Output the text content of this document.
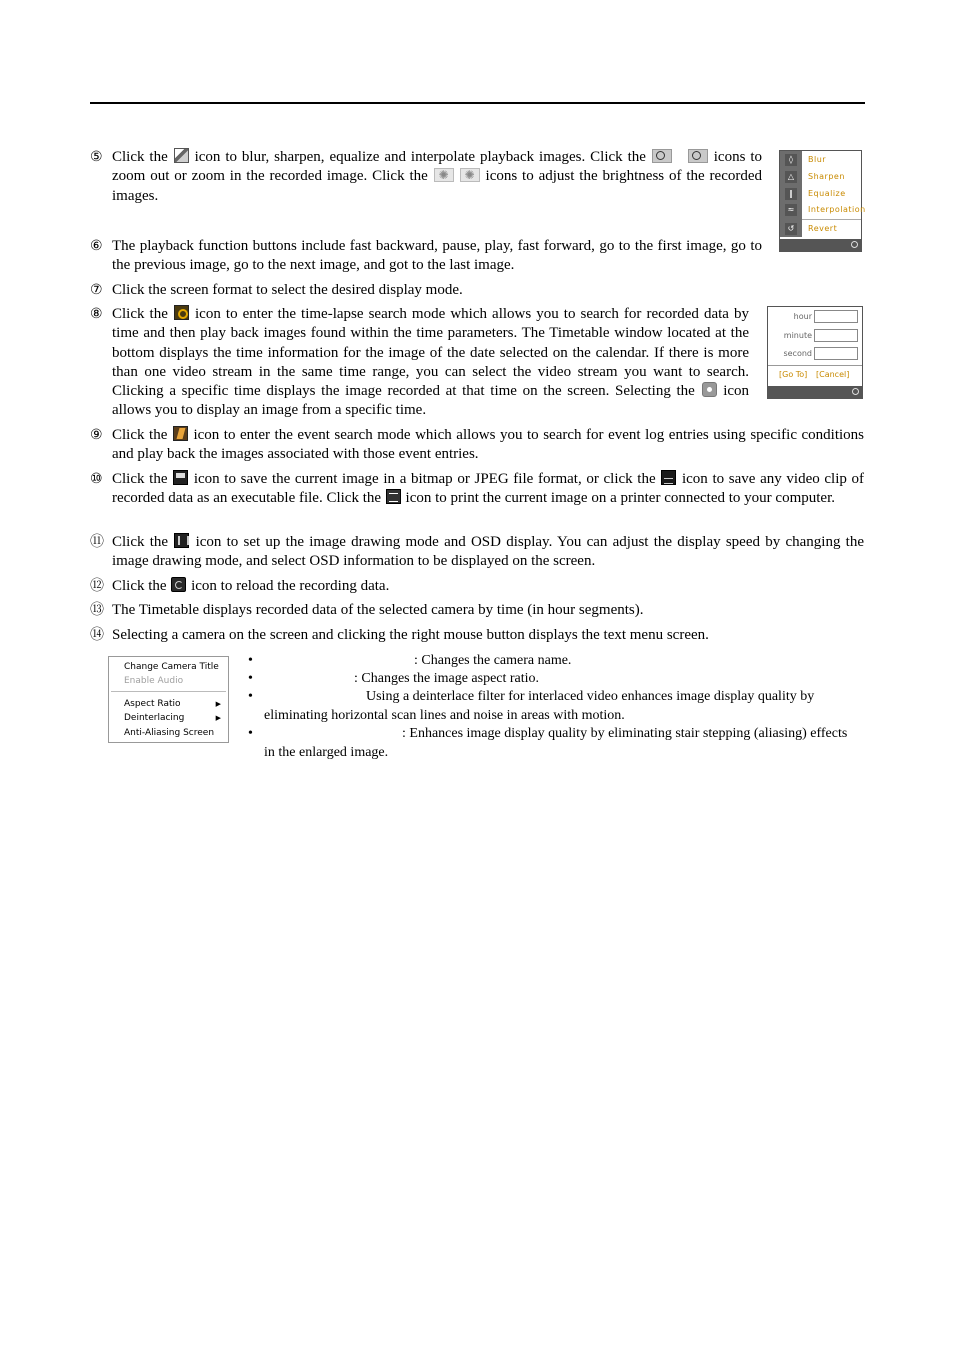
⑤ Click the icon to blur, sharpen, equalize and interpolate playback images. Click the	icons to zoom out or zoom in the recorded image. Click the ✺ ✺	icons to adjust the brightness of the recorded images.
◊	Blur
△	Sharpen
‖	Equalize
≈	Interpolation
↺	Revert
⑥ The playback function buttons include fast backward, pause, play, fast forward, go to the first image, go to the previous image, go to the next image, and got to the last image.
⑦ Click the screen format to select the desired display mode.
⑧ Click the icon to enter the time-lapse search mode which allows you to search for recorded data by time and then play back images found within the time parameters. The Timetable window located at the bottom displays the time information for the image of the date selected on the calendar. If there is more than one video stream in the same time range, you can select the video stream you want to search. Clicking a specific time displays the image recorded at that time on the screen. Selecting the icon allows you to display an image from a specific time.
hour
minute
second
[Go To] [Cancel]
⑨ Click the icon to enter the event search mode which allows you to search for event log entries using specific conditions and play back the images associated with those event entries.
⑩ Click the icon to save the current image in a bitmap or JPEG file format, or click the icon to save any video clip of recorded data as an executable file. Click the icon to print the current image on a printer connected to your computer.
⑪ Click the icon to set up the image drawing mode and OSD display. You can adjust the display speed by changing the image drawing mode, and select OSD information to be displayed on the screen.
⑫ Click the icon to reload the recording data.
⑬ The Timetable displays recorded data of the selected camera by time (in hour segments).
⑭ Selecting a camera on the screen and clicking the right mouse button displays the text menu screen.
Change Camera Title
Enable Audio
Aspect Ratio	▶
Deinterlacing	▶
Anti-Aliasing Screen
•	: Changes the camera name.
•	: Changes the image aspect ratio.
•	Using a deinterlace filter for interlaced video enhances image display quality by eliminating horizontal scan lines and noise in areas with motion.
•	: Enhances image display quality by eliminating stair stepping (aliasing) effects in the enlarged image.
